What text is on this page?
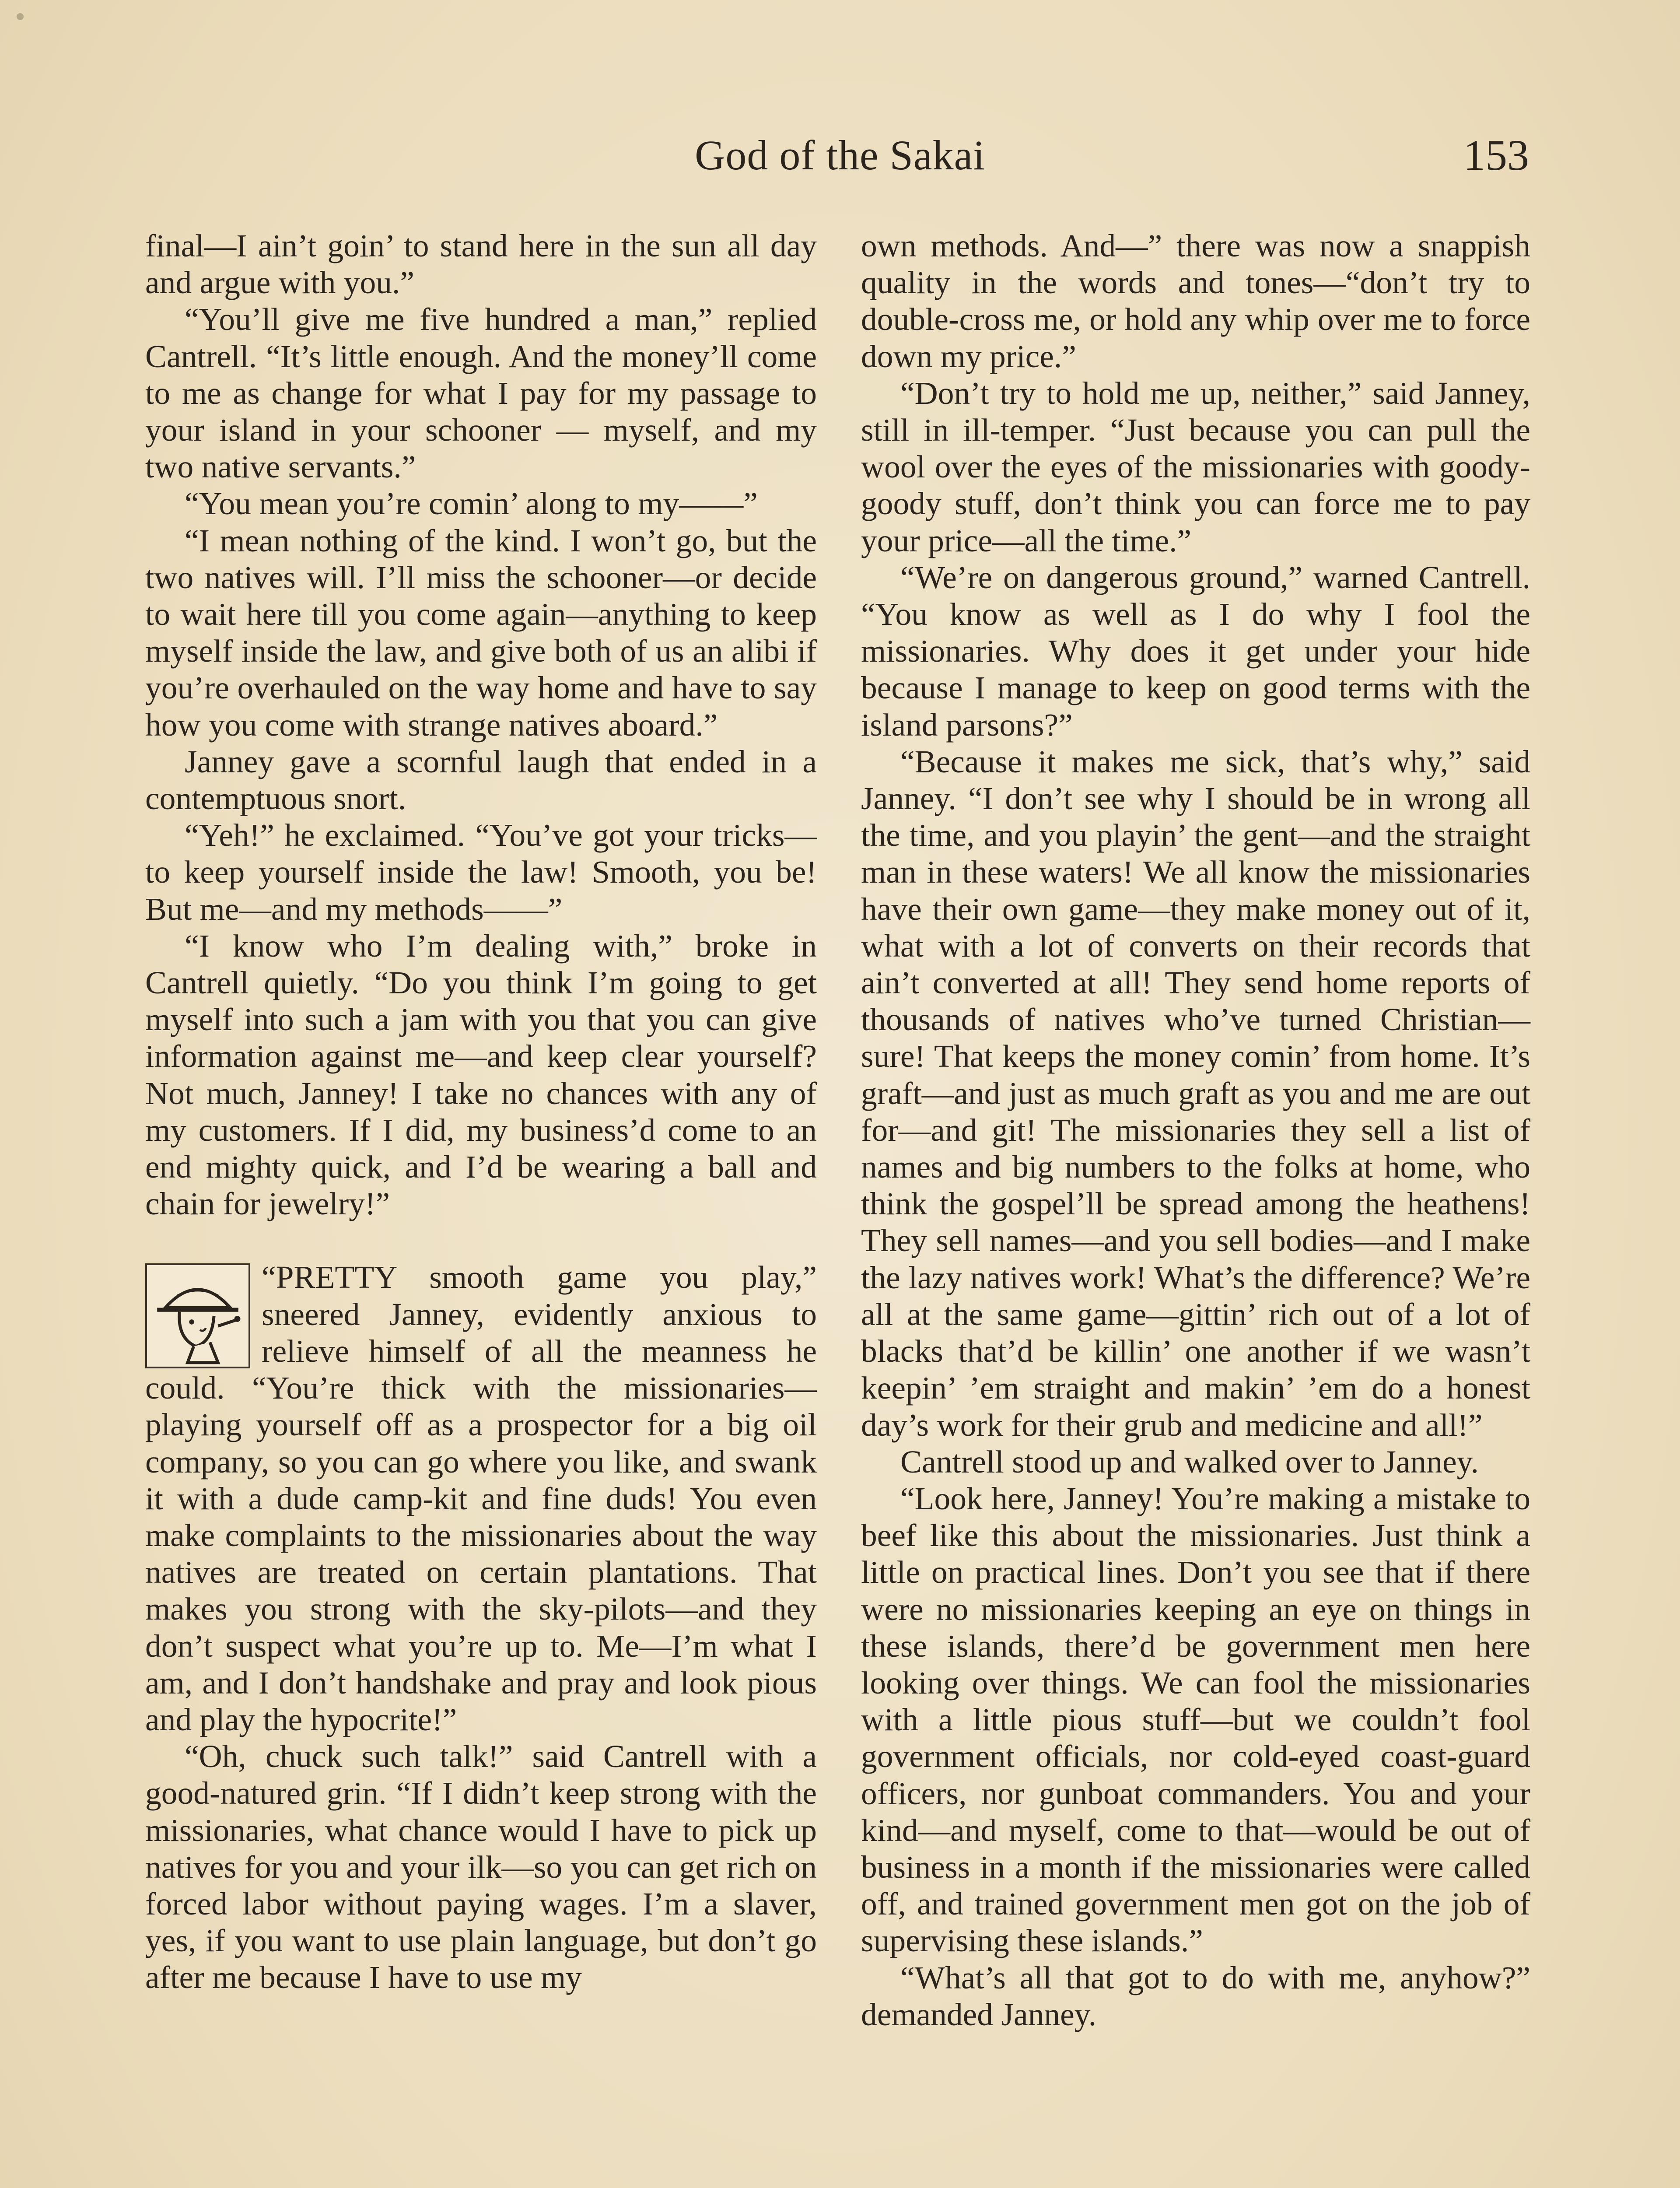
God of the Sakai	153

final—I ain’t goin’ to stand here in the sun all day and argue with you.”

“You’ll give me five hundred a man,” replied Cantrell. “It’s little enough. And the money’ll come to me as change for what I pay for my passage to your island in your schooner — myself, and my two native servants.”

“You mean you’re comin’ along to my——”

“I mean nothing of the kind. I won’t go, but the two natives will. I’ll miss the schooner—or decide to wait here till you come again—anything to keep myself inside the law, and give both of us an alibi if you’re overhauled on the way home and have to say how you come with strange natives aboard.”

Janney gave a scornful laugh that ended in a contemptuous snort.

“Yeh!” he exclaimed. “You’ve got your tricks—to keep yourself inside the law! Smooth, you be! But me—and my methods——”

“I know who I’m dealing with,” broke in Cantrell quietly. “Do you think I’m going to get myself into such a jam with you that you can give information against me—and keep clear yourself? Not much, Janney! I take no chances with any of my customers. If I did, my business’d come to an end mighty quick, and I’d be wearing a ball and chain for jewelry!”

“PRETTY smooth game you play,” sneered Janney, evidently anxious to relieve himself of all the meanness he could. “You’re thick with the missionaries—playing yourself off as a prospector for a big oil company, so you can go where you like, and swank it with a dude camp-kit and fine duds! You even make complaints to the missionaries about the way natives are treated on certain plantations. That makes you strong with the sky-pilots—and they don’t suspect what you’re up to. Me—I’m what I am, and I don’t handshake and pray and look pious and play the hypocrite!”

“Oh, chuck such talk!” said Cantrell with a good-natured grin. “If I didn’t keep strong with the missionaries, what chance would I have to pick up natives for you and your ilk—so you can get rich on forced labor without paying wages. I’m a slaver, yes, if you want to use plain language, but don’t go after me because I have to use my

own methods. And—” there was now a snappish quality in the words and tones—“don’t try to double-cross me, or hold any whip over me to force down my price.”

“Don’t try to hold me up, neither,” said Janney, still in ill-temper. “Just because you can pull the wool over the eyes of the missionaries with goody-goody stuff, don’t think you can force me to pay your price—all the time.”

“We’re on dangerous ground,” warned Cantrell. “You know as well as I do why I fool the missionaries. Why does it get under your hide because I manage to keep on good terms with the island parsons?”

“Because it makes me sick, that’s why,” said Janney. “I don’t see why I should be in wrong all the time, and you playin’ the gent—and the straight man in these waters! We all know the missionaries have their own game—they make money out of it, what with a lot of converts on their records that ain’t converted at all! They send home reports of thousands of natives who’ve turned Christian—sure! That keeps the money comin’ from home. It’s graft—and just as much graft as you and me are out for—and git! The missionaries they sell a list of names and big numbers to the folks at home, who think the gospel’ll be spread among the heathens! They sell names—and you sell bodies—and I make the lazy natives work! What’s the difference? We’re all at the same game—gittin’ rich out of a lot of blacks that’d be killin’ one another if we wasn’t keepin’ ’em straight and makin’ ’em do a honest day’s work for their grub and medicine and all!”

Cantrell stood up and walked over to Janney.

“Look here, Janney! You’re making a mistake to beef like this about the missionaries. Just think a little on practical lines. Don’t you see that if there were no missionaries keeping an eye on things in these islands, there’d be government men here looking over things. We can fool the missionaries with a little pious stuff—but we couldn’t fool government officials, nor cold-eyed coast-guard officers, nor gunboat commanders. You and your kind—and myself, come to that—would be out of business in a month if the missionaries were called off, and trained government men got on the job of supervising these islands.”

“What’s all that got to do with me, anyhow?” demanded Janney.
